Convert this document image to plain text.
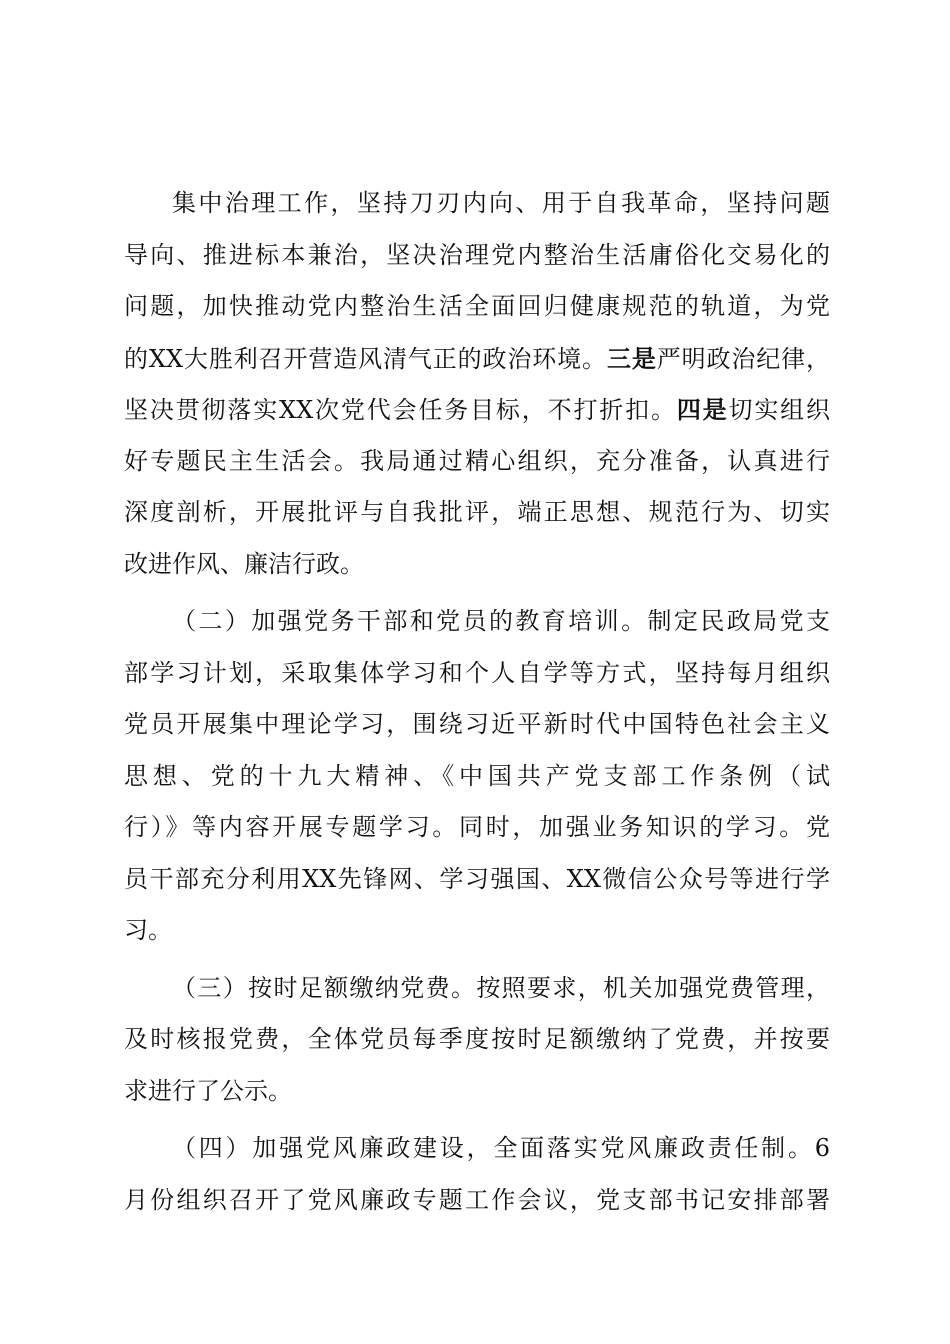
集中治理工作，坚持刀刃内向、用于自我革命，坚持问题
导向、推进标本兼治，坚决治理党内整治生活庸俗化交易化的
问题，加快推动党内整治生活全面回归健康规范的轨道，为党
的XX大胜利召开营造风清气正的政治环境。三是严明政治纪律，
坚决贯彻落实XX次党代会任务目标，不打折扣。四是切实组织
好专题民主生活会。我局通过精心组织，充分准备，认真进行
深度剖析，开展批评与自我批评，端正思想、规范行为、切实
改进作风、廉洁行政。
（二）加强党务干部和党员的教育培训。制定民政局党支
部学习计划，采取集体学习和个人自学等方式，坚持每月组织
党员开展集中理论学习，围绕习近平新时代中国特色社会主义
思想、党的十九大精神、《中国共产党支部工作条例（试
行）》等内容开展专题学习。同时，加强业务知识的学习。党
员干部充分利用XX先锋网、学习强国、XX微信公众号等进行学
习。
（三）按时足额缴纳党费。按照要求，机关加强党费管理，
及时核报党费，全体党员每季度按时足额缴纳了党费，并按要
求进行了公示。
（四）加强党风廉政建设，全面落实党风廉政责任制。6
月份组织召开了党风廉政专题工作会议，党支部书记安排部署
